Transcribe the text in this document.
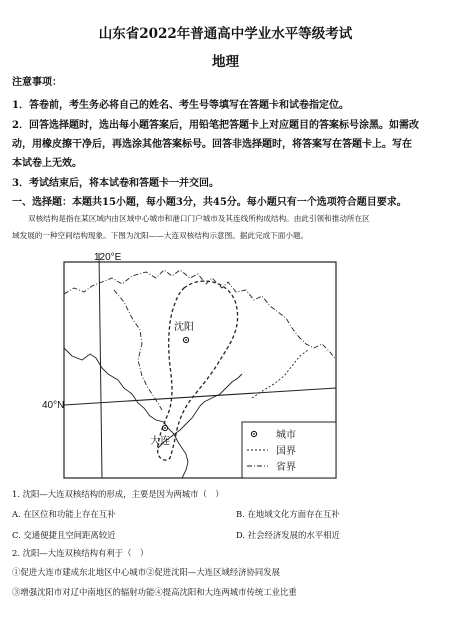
山东省2022年普通高中学业水平等级考试
地理
注意事项：
1．答卷前，考生务必将自己的姓名、考生号等填写在答题卡和试卷指定位。
2．回答选择题时，选出每小题答案后，用铅笔把答题卡上对应题目的答案标号涂黑。如需改
动，用橡皮擦干净后，再选涂其他答案标号。回答非选择题时，将答案写在答题卡上。写在
本试卷上无效。
3．考试结束后，将本试卷和答题卡一并交回。
一、选择题：本题共15小题，每小题3分，共45分。每小题只有一个选项符合题目要求。
双核结构是指在某区域内由区域中心城市和港口门户城市及其连线所构成结构。由此引领和推动所在区
域发展的一种空间结构现象。下图为沈阳——大连双核结构示意图。据此完成下面小题。
120°E
40°N
沈阳
大连
城市
国界
省界
1. 沈阳—大连双核结构的形成，主要是因为两城市（　）
A. 在区位和功能上存在互补	B. 在地域文化方面存在互补
C. 交通便捷且空间距离较近	D. 社会经济发展的水平相近
2. 沈阳—大连双核结构有利于（　）
①促进大连市建成东北地区中心城市②促进沈阳—大连区域经济协同发展
③增强沈阳市对辽中南地区的辐射功能④提高沈阳和大连两城市传统工业比重
